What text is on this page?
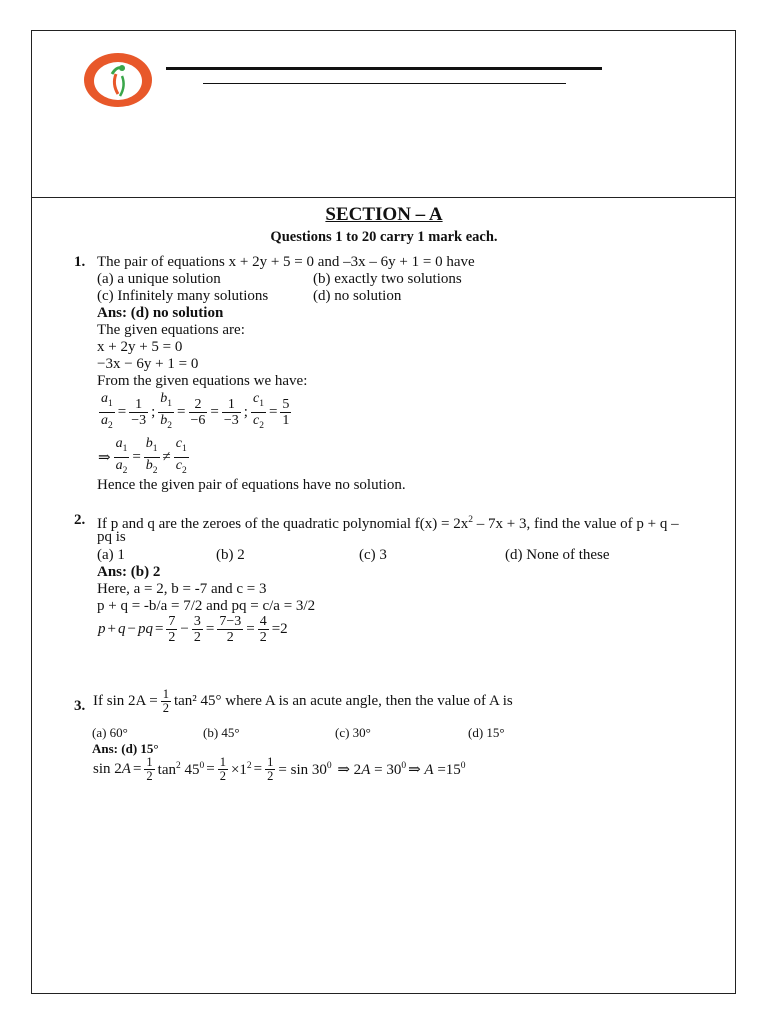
SECTION – A
Questions 1 to 20 carry 1 mark each.
1. The pair of equations x + 2y + 5 = 0 and –3x – 6y + 1 = 0 have
(a) a unique solution	(b) exactly two solutions
(c) Infinitely many solutions	(d) no solution
Ans: (d) no solution
The given equations are:
x + 2y + 5 = 0
−3x − 6y + 1 = 0
From the given equations we have:
$\frac{a_1}{a_2} = \frac{1}{-3}$ ; $\frac{b_1}{b_2} = \frac{2}{-6} = \frac{1}{-3}$ ; $\frac{c_1}{c_2} = \frac{5}{1}$
⇒ $\frac{a_1}{a_2} = \frac{b_1}{b_2} \ne \frac{c_1}{c_2}$
Hence the given pair of equations have no solution.
2. If p and q are the zeroes of the quadratic polynomial $f(x) = 2x^2 - 7x + 3$, find the value of p + q –
pq is
(a) 1	(b) 2	(c) 3	(d) None of these
Ans: (b) 2
Here, a = 2, b = -7 and c = 3
p + q = -b/a = 7/2 and pq = c/a = 3/2
p + q − pq = $\frac{7}{2} - \frac{3}{2} = \frac{7-3}{2} = \frac{4}{2} =2$
3. If $\sin 2A = \frac{1}{2} \tan^2$ 45° where A is an acute angle, then the value of A is
(a) 60°	(b) 45°	(c) 30°	(d) 15°
Ans: (d) 15°
$\sin 2A = \frac{1}{2} \tan^2 45^0 = \frac{1}{2} \times 1^2 = \frac{1}{2} = \sin 30^0$ ⇒ $2A = 30^0$ ⇒ $A =15^0$
